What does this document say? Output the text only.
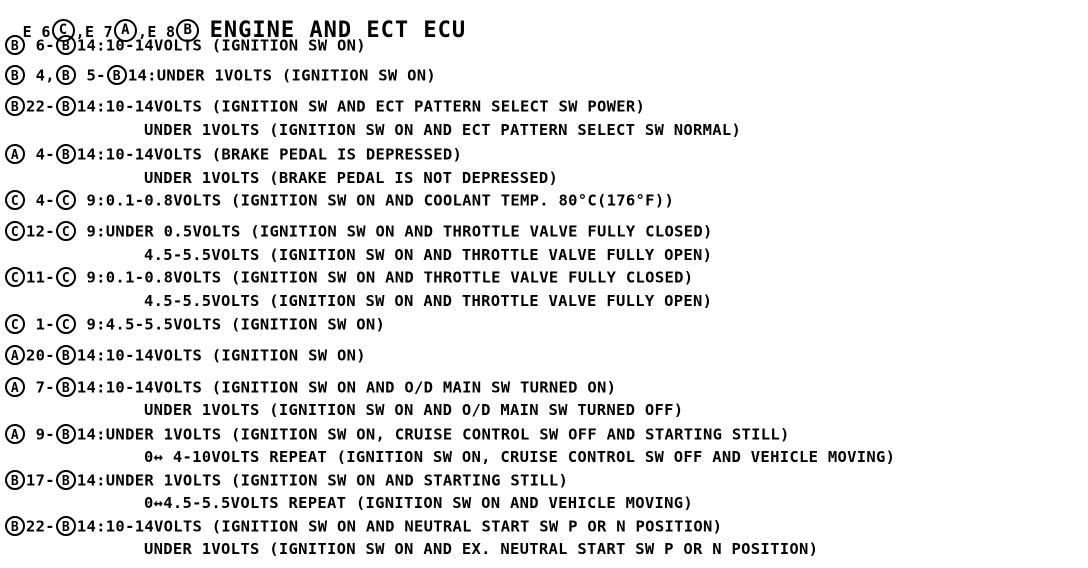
E 6 C ,E 7 A ,E 8 B ENGINE AND ECT ECU

B 6- B 14:10-14VOLTS (IGNITION SW ON)
B 4, B 5- B 14:UNDER 1VOLTS (IGNITION SW ON)
B 22- B 14:10-14VOLTS (IGNITION SW AND ECT PATTERN SELECT SW POWER)
UNDER 1VOLTS (IGNITION SW ON AND ECT PATTERN SELECT SW NORMAL)
A 4- B 14:10-14VOLTS (BRAKE PEDAL IS DEPRESSED)
UNDER 1VOLTS (BRAKE PEDAL IS NOT DEPRESSED)
C 4- C 9:0.1-0.8VOLTS (IGNITION SW ON AND COOLANT TEMP. 80°C(176°F))
C 12- C 9:UNDER 0.5VOLTS (IGNITION SW ON AND THROTTLE VALVE FULLY CLOSED)
4.5-5.5VOLTS (IGNITION SW ON AND THROTTLE VALVE FULLY OPEN)
C 11- C 9:0.1-0.8VOLTS (IGNITION SW ON AND THROTTLE VALVE FULLY CLOSED)
4.5-5.5VOLTS (IGNITION SW ON AND THROTTLE VALVE FULLY OPEN)
C 1- C 9:4.5-5.5VOLTS (IGNITION SW ON)
A 20- B 14:10-14VOLTS (IGNITION SW ON)
A 7- B 14:10-14VOLTS (IGNITION SW ON AND O/D MAIN SW TURNED ON)
UNDER 1VOLTS (IGNITION SW ON AND O/D MAIN SW TURNED OFF)
A 9- B 14:UNDER 1VOLTS (IGNITION SW ON, CRUISE CONTROL SW OFF AND STARTING STILL)
0↔ 4-10VOLTS REPEAT (IGNITION SW ON, CRUISE CONTROL SW OFF AND VEHICLE MOVING)
B 17- B 14:UNDER 1VOLTS (IGNITION SW ON AND STARTING STILL)
0↔4.5-5.5VOLTS REPEAT (IGNITION SW ON AND VEHICLE MOVING)
B 22- B 14:10-14VOLTS (IGNITION SW ON AND NEUTRAL START SW P OR N POSITION)
UNDER 1VOLTS (IGNITION SW ON AND EX. NEUTRAL START SW P OR N POSITION)
